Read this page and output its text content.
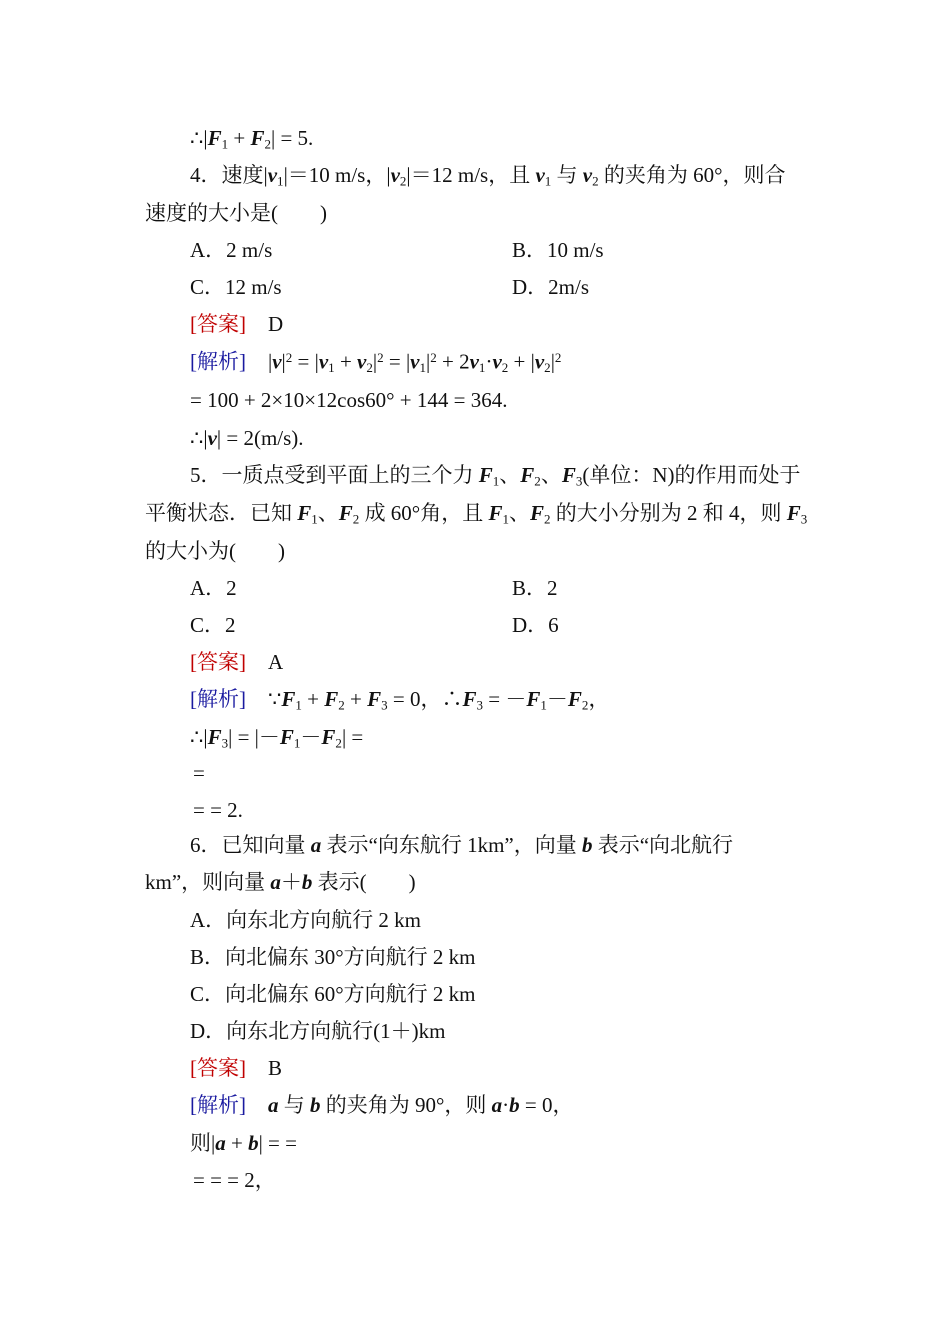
$\therefore|F_1 + F_2| = 5$.
4．速度$|v_1|=10$ m/s，$|v_2|=12$ m/s，且 $v_1$ 与 $v_2$ 的夹角为 60°，则合
速度的大小是(　　)
A．2 m/s	B．10 m/s
C．12 m/s	D．2m/s
[答案] D
[解析] $|v|^2 = |v_1 + v_2|^2 = |v_1|^2 + 2v_1\cdot v_2 + |v_2|^2$
= 100 + 2×10×12cos60° + 144 = 364.
∴|v| = 2(m/s).
5．一质点受到平面上的三个力 $F_1$、$F_2$、$F_3$(单位：N)的作用而处于
平衡状态．已知 $F_1$、$F_2$ 成 60°角，且 $F_1$、$F_2$ 的大小分别为 2 和 4，则 $F_3$
的大小为(　　)
A．2	B．2
C．2	D．6
[答案] A
[解析] $\because F_1 + F_2 + F_3 = 0$，$\therefore F_3 = -F_1-F_2$，
$\therefore|F_3| = |-F_1-F_2|$ =
=
= = 2.
6．已知向量 a 表示“向东航行 1km”，向量 b 表示“向北航行
km”，则向量 a＋b 表示(　　)
A．向东北方向航行 2 km
B．向北偏东 30°方向航行 2 km
C．向北偏东 60°方向航行 2 km
D．向东北方向航行(1＋)km
[答案] B
[解析] a 与 b 的夹角为 90°，则 a·b = 0，
则|a + b| = =
= = = 2，
